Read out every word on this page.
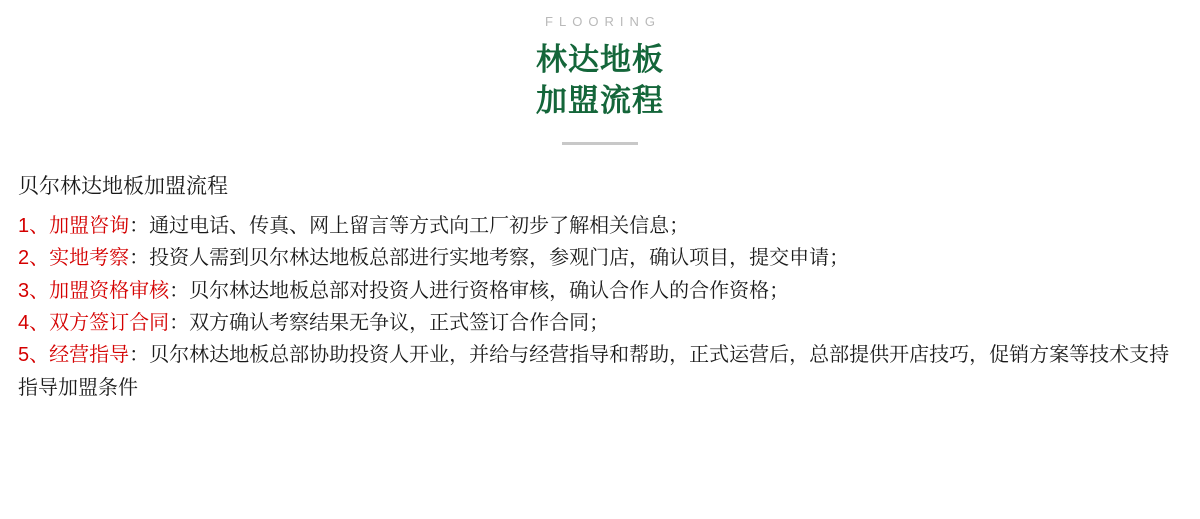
FLOORING
林达地板
加盟流程
贝尔林达地板加盟流程
1、加盟咨询：通过电话、传真、网上留言等方式向工厂初步了解相关信息；
2、实地考察：投资人需到贝尔林达地板总部进行实地考察，参观门店，确认项目，提交申请；
3、加盟资格审核：贝尔林达地板总部对投资人进行资格审核，确认合作人的合作资格；
4、双方签订合同：双方确认考察结果无争议，正式签订合作合同；
5、经营指导：贝尔林达地板总部协助投资人开业，并给与经营指导和帮助，正式运营后，总部提供开店技巧，促销方案等技术支持指导加盟条件
